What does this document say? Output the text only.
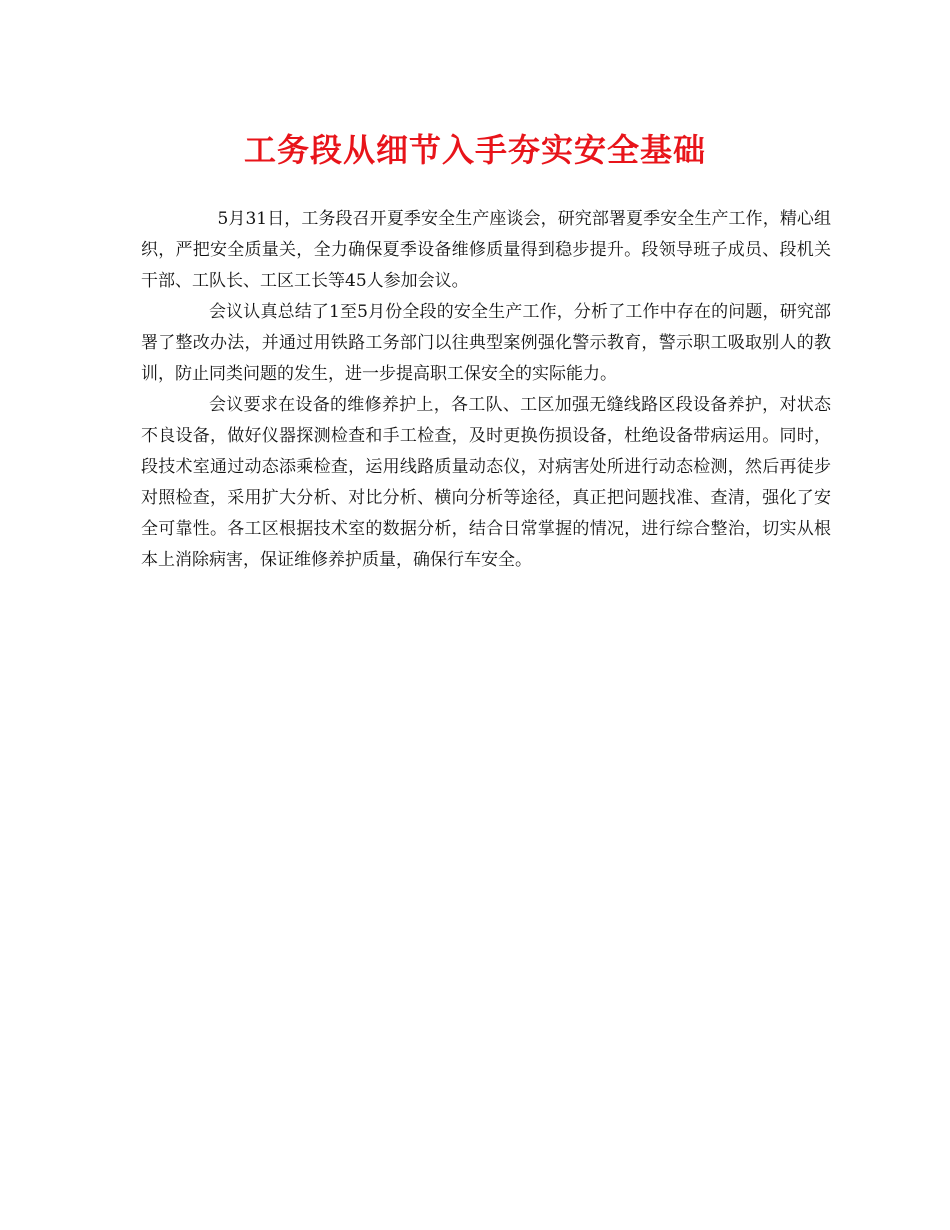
工务段从细节入手夯实安全基础

5月31日，工务段召开夏季安全生产座谈会，研究部署夏季安全生产工作，精心组织，严把安全质量关，全力确保夏季设备维修质量得到稳步提升。段领导班子成员、段机关干部、工队长、工区工长等45人参加会议。

会议认真总结了1至5月份全段的安全生产工作，分析了工作中存在的问题，研究部署了整改办法，并通过用铁路工务部门以往典型案例强化警示教育，警示职工吸取别人的教训，防止同类问题的发生，进一步提高职工保安全的实际能力。

会议要求在设备的维修养护上，各工队、工区加强无缝线路区段设备养护，对状态不良设备，做好仪器探测检查和手工检查，及时更换伤损设备，杜绝设备带病运用。同时，段技术室通过动态添乘检查，运用线路质量动态仪，对病害处所进行动态检测，然后再徒步对照检查，采用扩大分析、对比分析、横向分析等途径，真正把问题找准、查清，强化了安全可靠性。各工区根据技术室的数据分析，结合日常掌握的情况，进行综合整治，切实从根本上消除病害，保证维修养护质量，确保行车安全。
